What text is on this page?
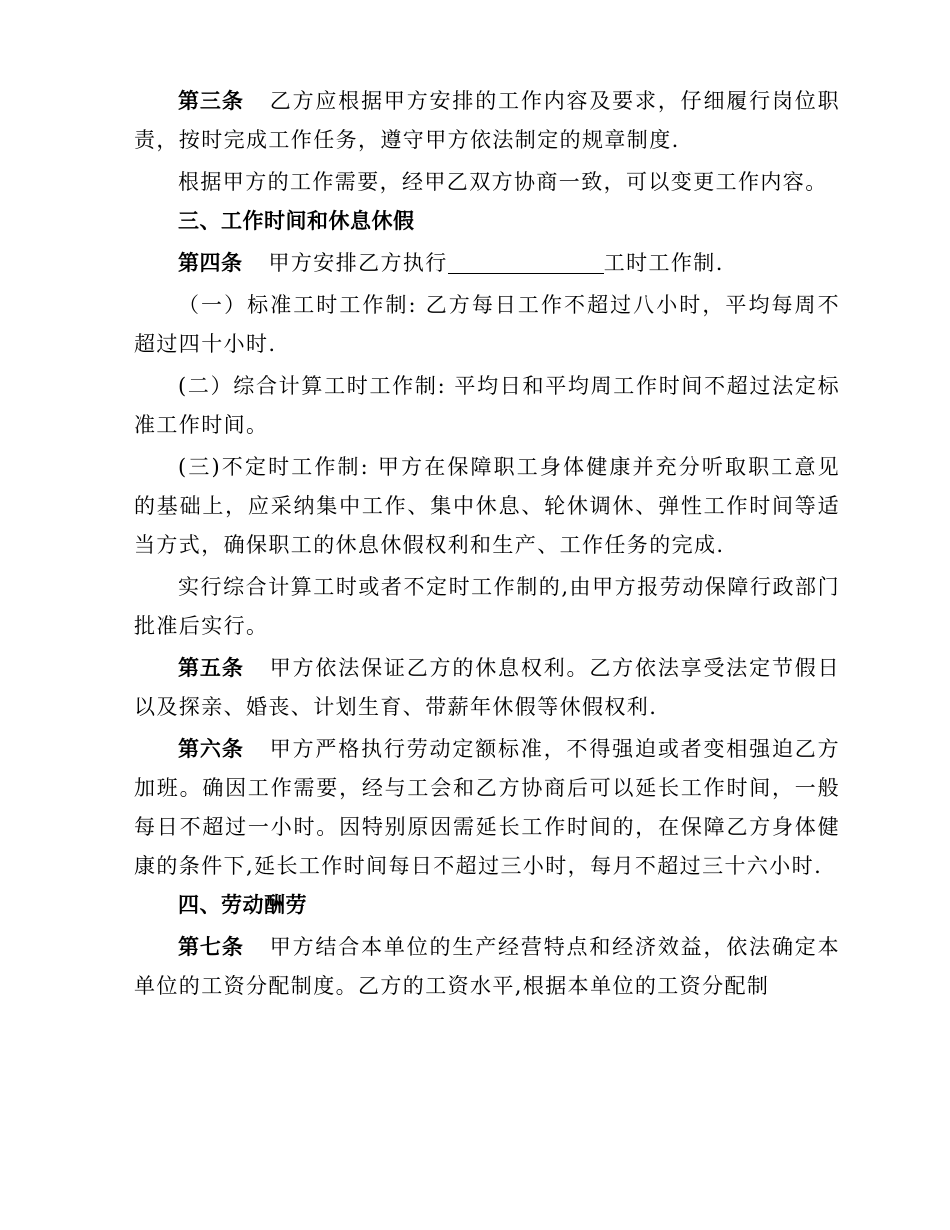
第三条 乙方应根据甲方安排的工作内容及要求，仔细履行岗位职责，按时完成工作任务，遵守甲方依法制定的规章制度.

根据甲方的工作需要，经甲乙双方协商一致，可以变更工作内容。

三、工作时间和休息休假

第四条 甲方安排乙方执行	工时工作制.

（一）标准工时工作制: 乙方每日工作不超过八小时，平均每周不超过四十小时.

(二）综合计算工时工作制: 平均日和平均周工作时间不超过法定标准工作时间。

(三)不定时工作制: 甲方在保障职工身体健康并充分听取职工意见的基础上，应采纳集中工作、集中休息、轮休调休、弹性工作时间等适当方式，确保职工的休息休假权利和生产、工作任务的完成.

实行综合计算工时或者不定时工作制的,由甲方报劳动保障行政部门批准后实行。

第五条 甲方依法保证乙方的休息权利。乙方依法享受法定节假日以及探亲、婚丧、计划生育、带薪年休假等休假权利.

第六条 甲方严格执行劳动定额标准，不得强迫或者变相强迫乙方加班。确因工作需要，经与工会和乙方协商后可以延长工作时间，一般每日不超过一小时。因特别原因需延长工作时间的，在保障乙方身体健康的条件下,延长工作时间每日不超过三小时，每月不超过三十六小时.

四、劳动酬劳

第七条 甲方结合本单位的生产经营特点和经济效益，依法确定本单位的工资分配制度。乙方的工资水平,根据本单位的工资分配制
